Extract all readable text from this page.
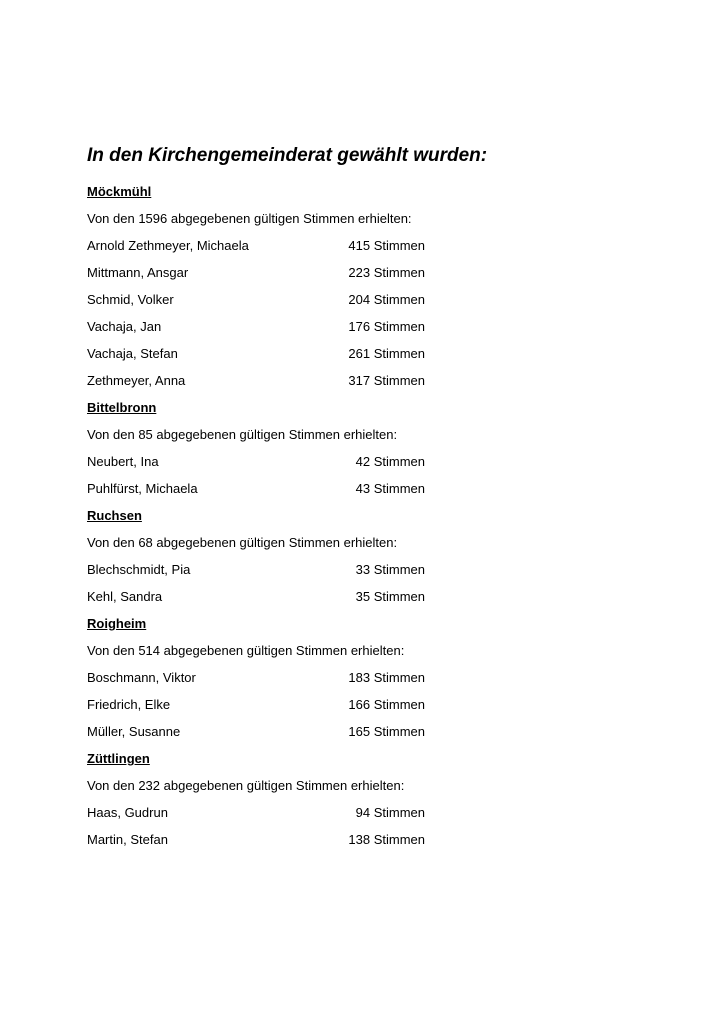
In den Kirchengemeinderat gewählt wurden:
Möckmühl
Von den 1596 abgegebenen gültigen Stimmen erhielten:
Arnold Zethmeyer, Michaela	415 Stimmen
Mittmann, Ansgar	223 Stimmen
Schmid, Volker	204 Stimmen
Vachaja, Jan	176 Stimmen
Vachaja, Stefan	261 Stimmen
Zethmeyer, Anna	317 Stimmen
Bittelbronn
Von den 85 abgegebenen gültigen Stimmen erhielten:
Neubert, Ina	42 Stimmen
Puhlfürst, Michaela	43 Stimmen
Ruchsen
Von den 68 abgegebenen gültigen Stimmen erhielten:
Blechschmidt, Pia	33 Stimmen
Kehl, Sandra	35 Stimmen
Roigheim
Von den 514 abgegebenen gültigen Stimmen erhielten:
Boschmann, Viktor	183 Stimmen
Friedrich, Elke	166 Stimmen
Müller, Susanne	165 Stimmen
Züttlingen
Von den 232 abgegebenen gültigen Stimmen erhielten:
Haas, Gudrun	94 Stimmen
Martin, Stefan	138 Stimmen
